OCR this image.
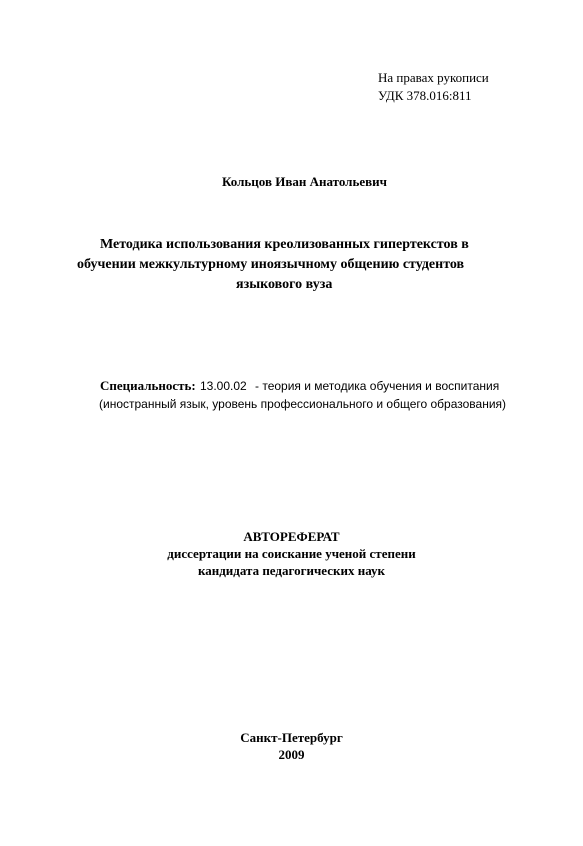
На правах рукописи
УДК 378.016:811
Кольцов Иван Анатольевич
Методика использования креолизованных гипертекстов в
обучении межкультурному иноязычному общению студентов
языкового вуза
Специальность: 13.00.02 - теория и методика обучения и воспитания
(иностранный язык, уровень профессионального и общего образования)
АВТОРЕФЕРАТ
диссертации на соискание ученой степени
кандидата педагогических наук
Санкт-Петербург
2009
